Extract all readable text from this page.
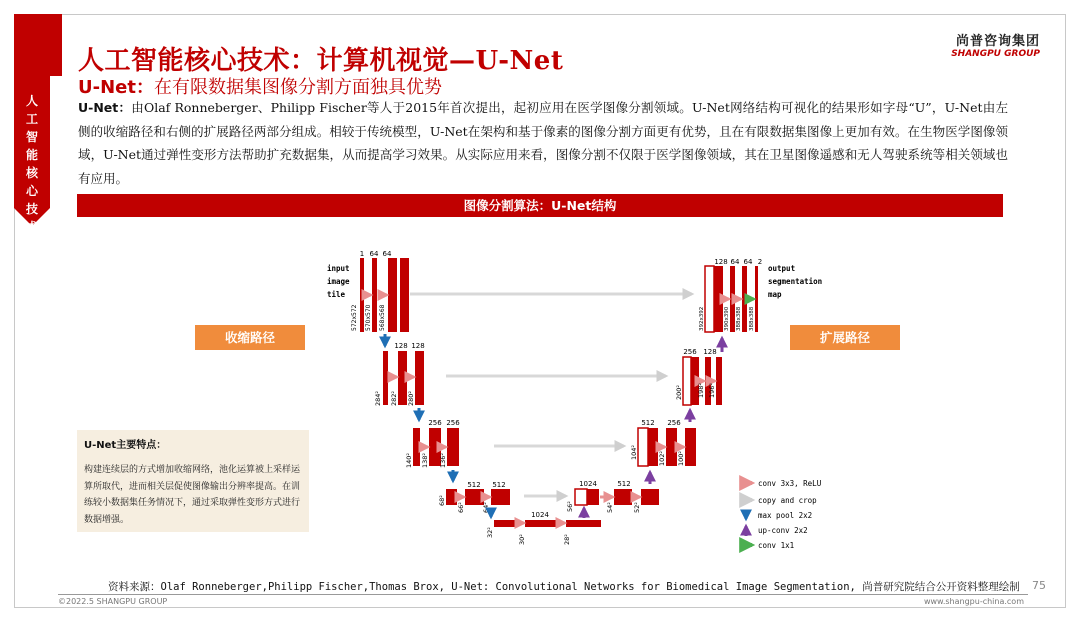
人
工
智
能
核
心
技
术
人工智能核心技术：计算机视觉—U-Net
U-Net：在有限数据集图像分割方面独具优势
尚普咨询集团
SHANGPU GROUP
U-Net：由Olaf Ronneberger、Philipp Fischer等人于2015年首次提出，起初应用在医学图像分割领域。U-Net网络结构可视化的结果形如字母“U”，U-Net由左侧的收缩路径和右侧的扩展路径两部分组成。相较于传统模型，U-Net在架构和基于像素的图像分割方面更有优势，且在有限数据集图像上更加有效。在生物医学图像领域，U-Net通过弹性变形方法帮助扩充数据集，从而提高学习效果。从实际应用来看，图像分割不仅限于医学图像领域，其在卫星图像遥感和无人驾驶系统等相关领域也有应用。
图像分割算法：U-Net结构
1 64 64
572x572 570x570 568x568
input
image
tile
128 128
284² 282² 280²
256 256
140² 138² 136²
512 512
68²
66²	64²
1024
32²
30²	28²
1024	512
56²	54²	52²
512 256
104²	102² 100²
256 128
200² 198² 196²
128 64 64 2
392x392	390x390 388x388 388x388
output
segmentation
map
conv 3x3, ReLU
copy and crop
max pool 2x2
up-conv 2x2
conv 1x1
收缩路径	扩展路径
U-Net主要特点：
构建连续层的方式增加收缩网络，池化运算被上采样运算所取代，进而相关层促使图像输出分辨率提高。在训练较小数据集任务情况下，通过采取弹性变形方式进行数据增强。
资料来源：Olaf Ronneberger,Philipp Fischer,Thomas Brox, U-Net: Convolutional Networks for Biomedical Image Segmentation, 尚普研究院结合公开资料整理绘制 75
©2022.5 SHANGPU GROUP	www.shangpu-china.com
